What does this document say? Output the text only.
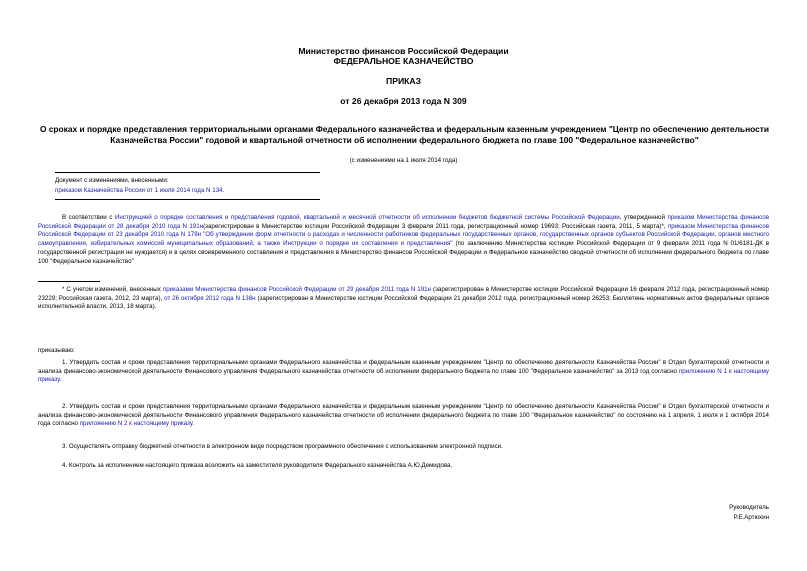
Министерство финансов Российской Федерации
ФЕДЕРАЛЬНОЕ КАЗНАЧЕЙСТВО
ПРИКАЗ
от 26 декабря 2013 года N 309
О сроках и порядке представления территориальными органами Федерального казначейства и федеральным казенным учреждением "Центр по обеспечению деятельности Казначейства России" годовой и квартальной отчетности об исполнении федерального бюджета по главе 100 "Федеральное казначейство"
(с изменениями на 1 июля 2014 года)
Документ с изменениями, внесенными:
приказом Казначейства России от 1 июля 2014 года N 134.
В соответствии с Инструкцией о порядке составления и представления годовой, квартальной и месячной отчетности об исполнении бюджетов бюджетной системы Российской Федерации, утвержденной приказом Министерства финансов Российской Федерации от 28 декабря 2010 года N 191н(зарегистрирован в Министерстве юстиции Российской Федерации 3 февраля 2011 года, регистрационный номер 19693; Российская газета, 2011, 5 марта)*, приказом Министерства финансов Российской Федерации от 23 декабря 2010 года N 179н "Об утверждении форм отчетности о расходах и численности работников федеральных государственных органов, государственных органов субъектов Российской Федерации, органов местного самоуправления, избирательных комиссий муниципальных образований, а также Инструкции о порядке их составления и представления" (по заключению Министерства юстиции Российской Федерации от 9 февраля 2011 года N 01/6181-ДК в государственной регистрации не нуждается) и в целях своевременного составления и представления в Министерство финансов Российской Федерации и Федеральное казначейство сводной отчетности об исполнении федерального бюджета по главе 100 "Федеральное казначейство"
* С учетом изменений, внесенных приказами Министерства финансов Российской Федерации от 29 декабря 2011 года N 191н (зарегистрирован в Министерстве юстиции Российской Федерации 16 февраля 2012 года, регистрационный номер 23229; Российская газета, 2012, 23 марта), от 26 октября 2012 года N 138н (зарегистрирован в Министерстве юстиции Российской Федерации 21 декабря 2012 года, регистрационный номер 26253; Бюллетень нормативных актов федеральных органов исполнительной власти, 2013, 18 марта).
приказываю:
1. Утвердить состав и сроки представления территориальными органами Федерального казначейства и федеральным казенным учреждением "Центр по обеспечению деятельности Казначейства России" в Отдел бухгалтерской отчетности и анализа финансово-экономической деятельности Финансового управления Федерального казначейства отчетности об исполнении федерального бюджета по главе 100 "Федеральное казначейство" за 2013 год согласно приложению N 1 к настоящему приказу.
2. Утвердить состав и сроки представления территориальными органами Федерального казначейства и федеральным казенным учреждением "Центр по обеспечению деятельности Казначейства России" в Отдел бухгалтерской отчетности и анализа финансово-экономической деятельности Финансового управления Федерального казначейства отчетности об исполнении федерального бюджета по главе 100 "Федеральное казначейство" по состоянию на 1 апреля, 1 июля и 1 октября 2014 года согласно приложению N 2 к настоящему приказу.
3. Осуществлять отправку бюджетной отчетности в электронном виде посредством программного обеспечения с использованием электронной подписи.
4. Контроль за исполнением настоящего приказа возложить на заместителя руководителя Федерального казначейства А.Ю.Демидова.
Руководитель
Р.Е.Артюхин
